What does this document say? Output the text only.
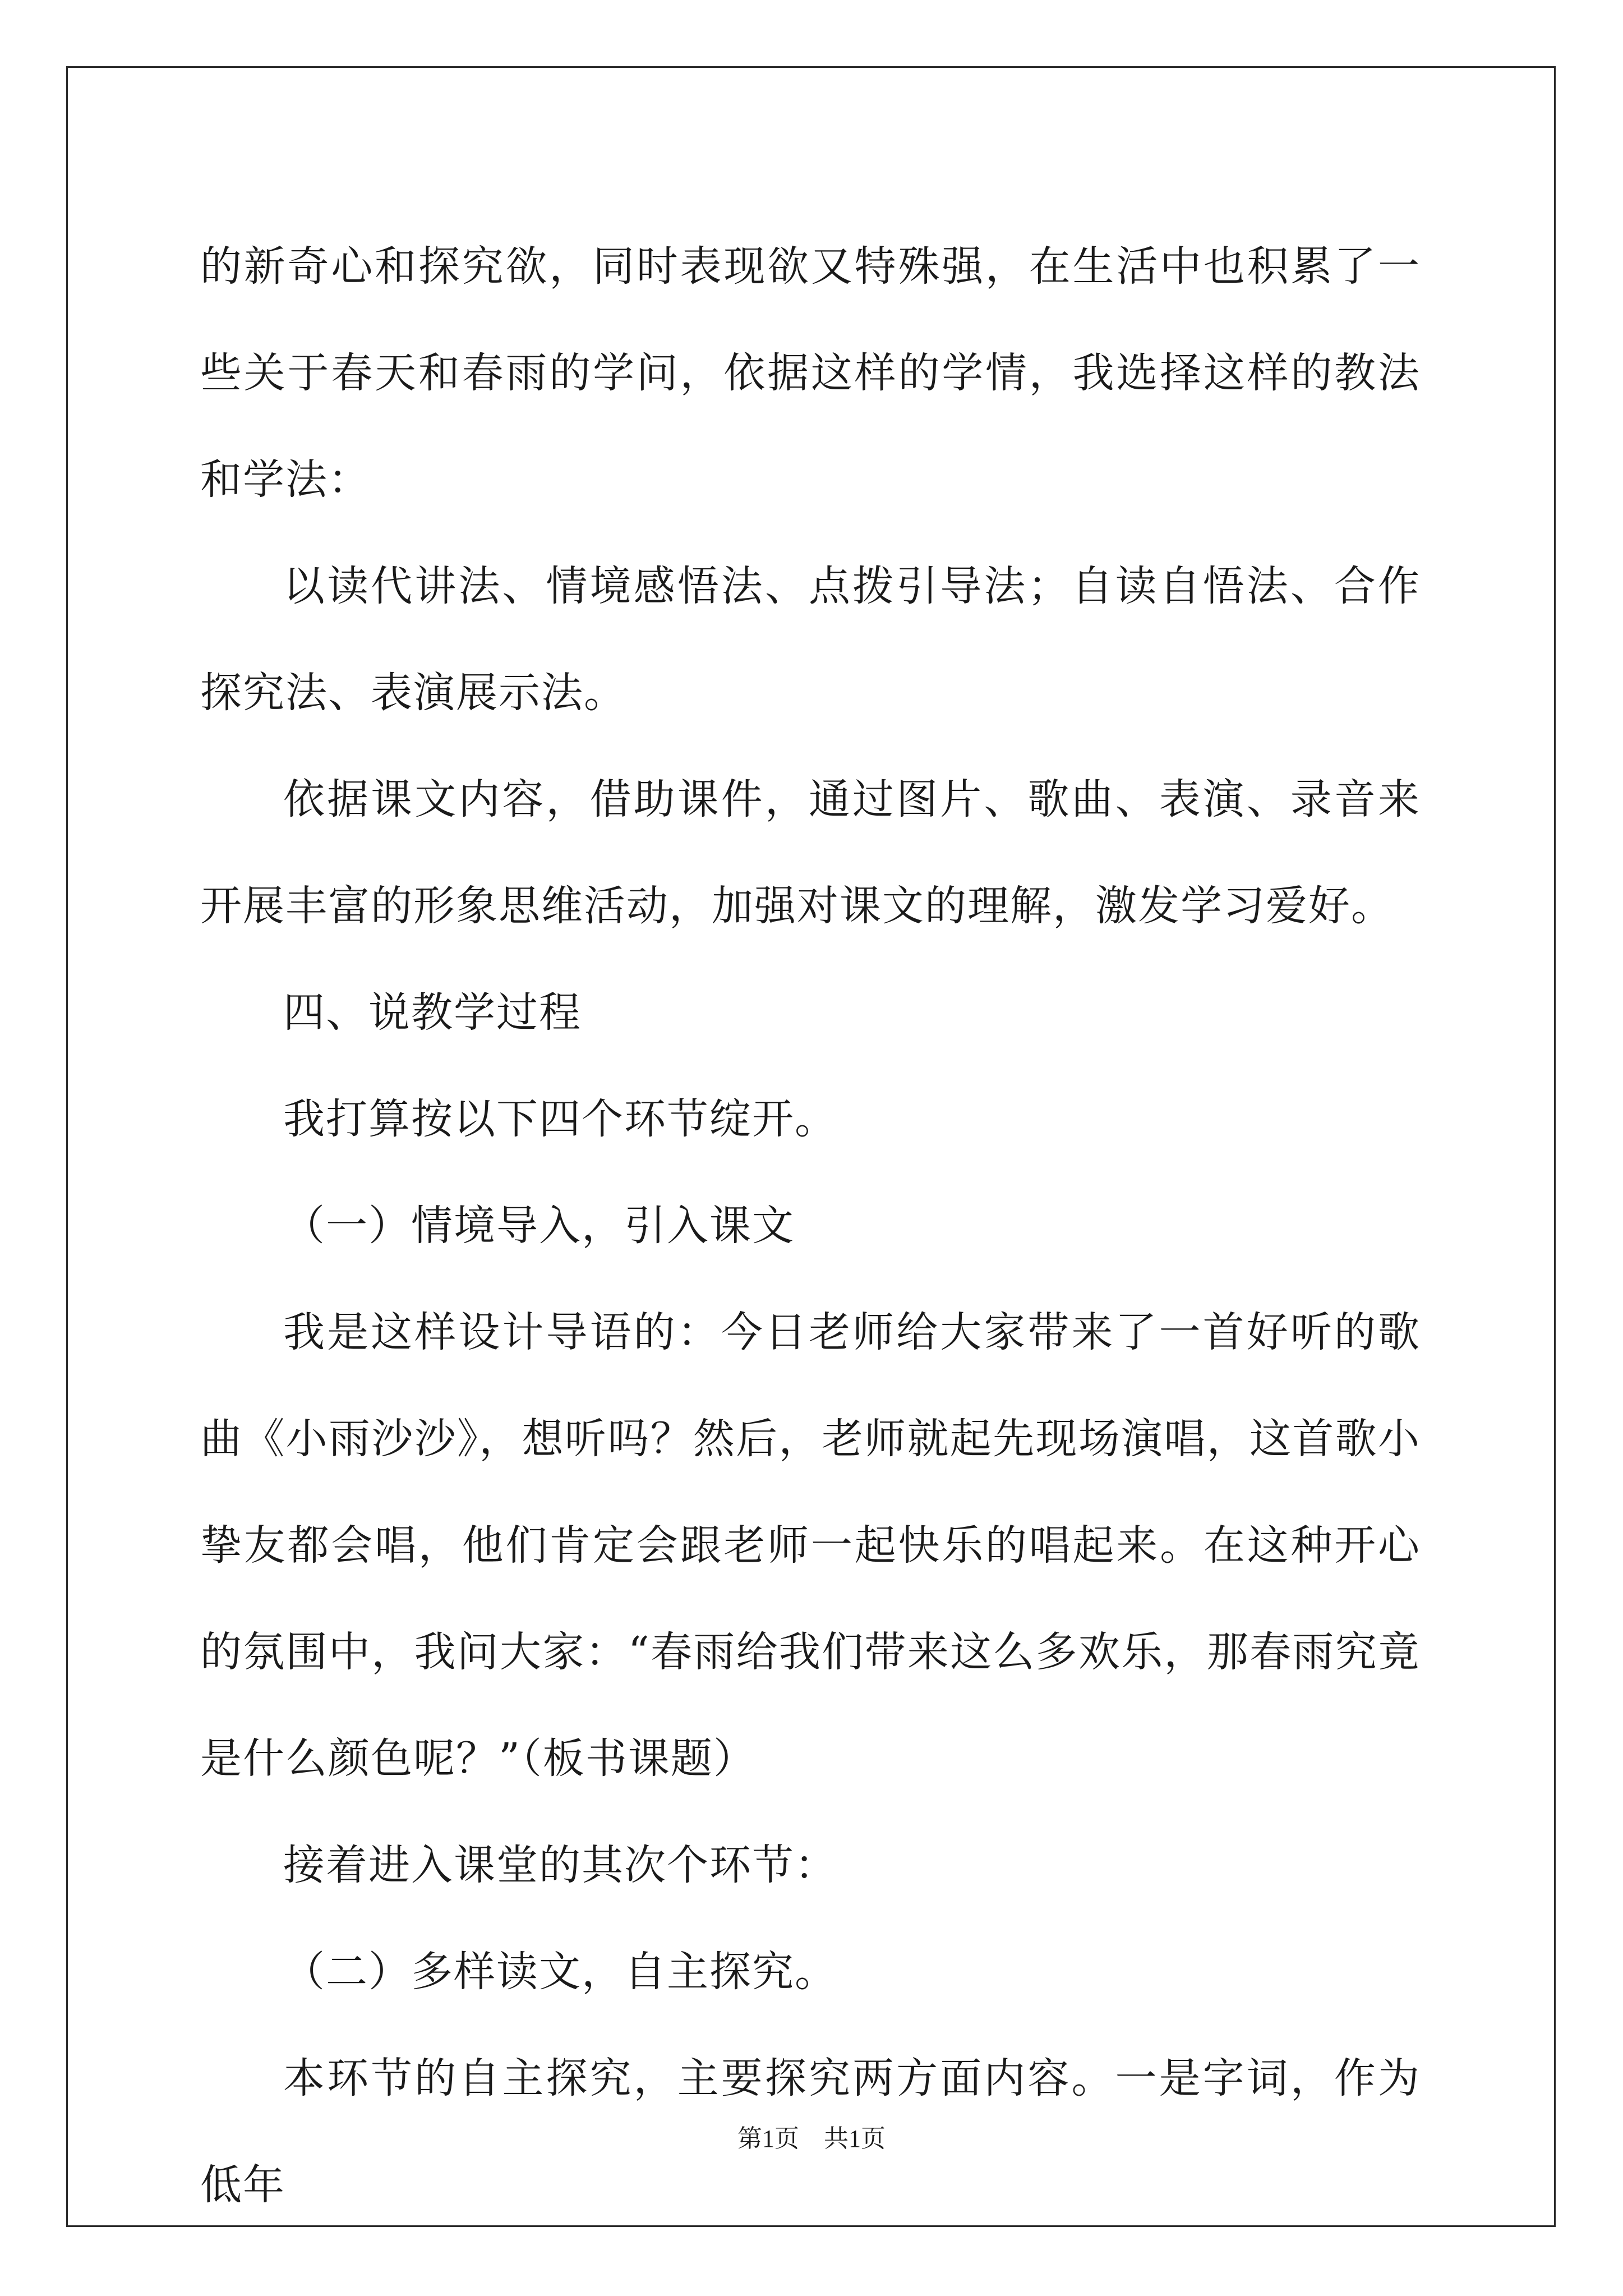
的新奇心和探究欲，同时表现欲又特殊强，在生活中也积累了一些关于春天和春雨的学问，依据这样的学情，我选择这样的教法和学法：

以读代讲法、情境感悟法、点拨引导法；自读自悟法、合作探究法、表演展示法。

依据课文内容，借助课件，通过图片、歌曲、表演、录音来开展丰富的形象思维活动，加强对课文的理解，激发学习爱好。

四、说教学过程

我打算按以下四个环节绽开。

（一）情境导入，引入课文

我是这样设计导语的：今日老师给大家带来了一首好听的歌曲《小雨沙沙》，想听吗？然后，老师就起先现场演唱，这首歌小挚友都会唱，他们肯定会跟老师一起快乐的唱起来。在这种开心的氛围中，我问大家：“春雨给我们带来这么多欢乐，那春雨究竟是什么颜色呢？”（板书课题）

接着进入课堂的其次个环节：

（二）多样读文，自主探究。

本环节的自主探究，主要探究两方面内容。一是字词，作为低年

第1页　共1页
